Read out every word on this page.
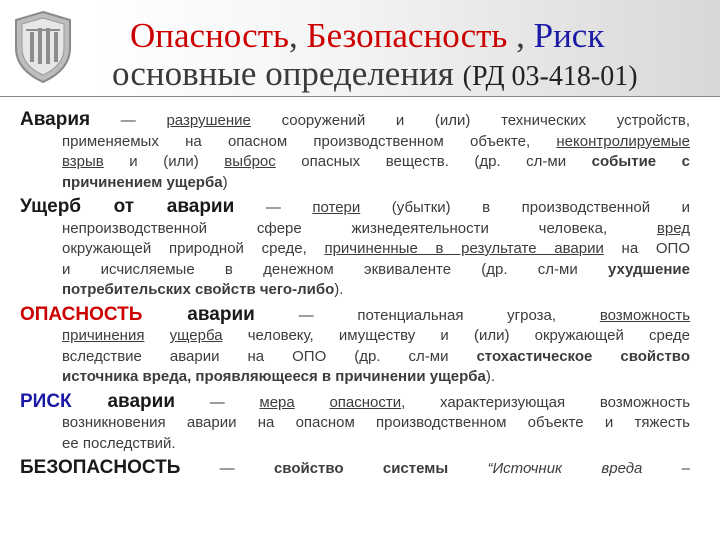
Опасность, Безопасность , Риск
основные определения (РД 03-418-01)
Авария — разрушение сооружений и (или) технических устройств,
применяемых на опасном производственном объекте, неконтролируемые
взрыв и (или) выброс опасных веществ. (др. сл-ми событие с
причинением ущерба)
Ущерб от аварии — потери (убытки) в производственной и
непроизводственной сфере жизнедеятельности человека, вред
окружающей природной среде, причиненные в результате аварии на ОПО
и исчисляемые в денежном эквиваленте (др. сл-ми ухудшение
потребительских свойств чего-либо).
ОПАСНОСТЬ аварии — потенциальная угроза, возможность
причинения ущерба человеку, имуществу и (или) окружающей среде
вследствие аварии на ОПО (др. сл-ми стохастическое свойство
источника вреда, проявляющееся в причинении ущерба).
РИСК аварии — мера опасности, характеризующая возможность
возникновения аварии на опасном производственном объекте и тяжесть
ее последствий.
БЕЗОПАСНОСТЬ — свойство системы “Источник вреда –
